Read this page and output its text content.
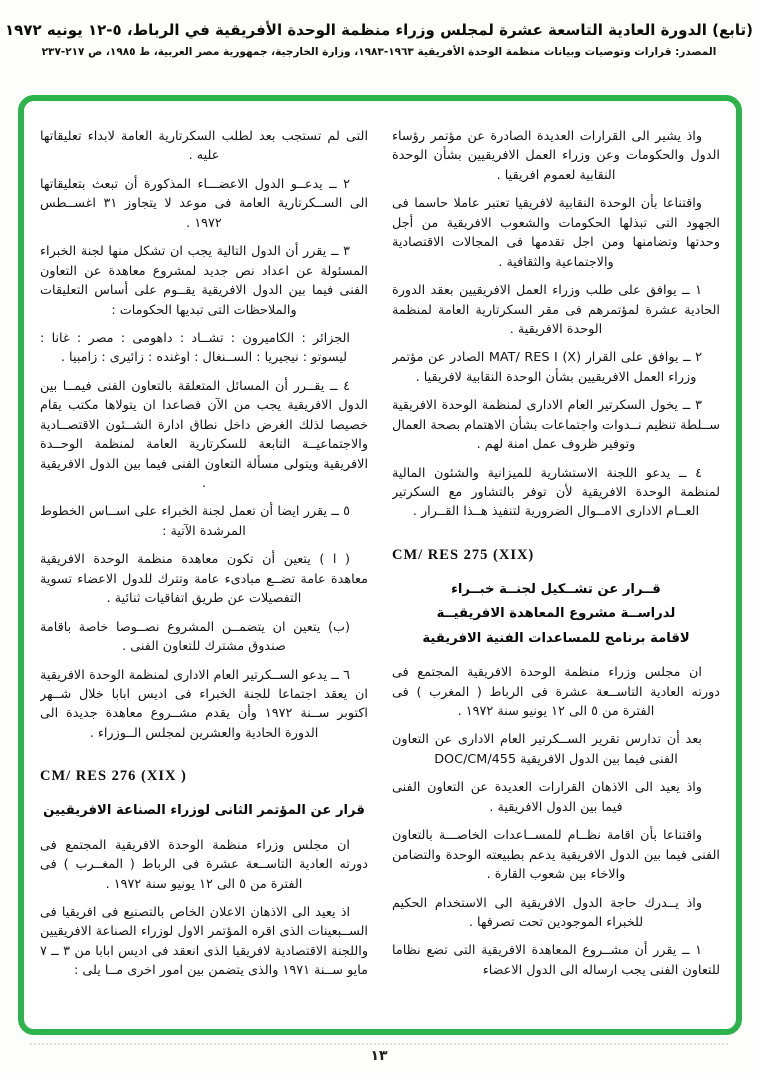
(تابع) الدورة العادية التاسعة عشرة لمجلس وزراء منظمة الوحدة الأفريقية في الرباط، ٥-١٢ يونيه ١٩٧٢
المصدر: قرارات وتوصيات وبيانات منظمة الوحدة الأفريقية ١٩٦٣-١٩٨٣، وزارة الخارجية، جمهورية مصر العربية، ط ١٩٨٥، ص ٢١٧-٢٣٧

واذ يشير الى القرارات العديدة الصادرة عن مؤتمر رؤساء الدول والحكومات وعن وزراء العمل الافريقيين بشأن الوحدة النقابية لعموم افريقيا .

واقتناعا بأن الوحدة النقابية لافريقيا تعتبر عاملا حاسما فى الجهود التى تبذلها الحكومات والشعوب الافريقية من أجل وحدتها وتضامنها ومن اجل تقدمها فى المجالات الاقتصادية والاجتماعية والثقافية .

١ ــ يوافق على طلب وزراء العمل الافريقيين بعقد الدورة الحادية عشرة لمؤتمرهم فى مقر السكرتارية العامة لمنظمة الوحدة الافريقية .

٢ ــ يوافق على القرار MAT/ RES I (X) الصادر عن مؤتمر وزراء العمل الافريقيين بشأن الوحدة النقابية لافريقيا .

٣ ــ يخول السكرتير العام الادارى لمنظمة الوحدة الافريقية ســلطة تنظيم نــدوات واجتماعات بشأن الاهتمام بصحة العمال وتوفير ظروف عمل امنة لهم .

٤ ــ يدعو اللجنة الاستشارية للميزانية والشئون المالية لمنظمة الوحدة الافريقية لأن توفر بالتشاور مع السكرتير العــام الادارى الامــوال الضرورية لتنفيذ هــذا القــرار .

CM/ RES 275 (XIX)
قــرار عن تشــكيل لجنــة خبــراء
لدراســة مشروع المعاهدة الافريقيــة
لاقامة برنامج للمساعدات الفنية الافريقية

ان مجلس وزراء منظمة الوحدة الافريقية المجتمع فى دورته العادية التاســعة عشرة فى الرباط ( المغرب ) فى الفترة من ٥ الى ١٢ يونيو سنة ١٩٧٢ .

بعد أن تدارس تقرير الســكرتير العام الادارى عن التعاون الفنى فيما بين الدول الافريقية DOC/CM/455

واذ يعيد الى الاذهان القرارات العديدة عن التعاون الفنى فيما بين الدول الافريقية .

واقتناعا بأن اقامة نظــام للمســاعدات الخاصـــة بالتعاون الفنى فيما بين الدول الافريقية يدعم بطبيعته الوحدة والتضامن والاخاء بين شعوب القارة .

واذ يــدرك حاجة الدول الافريقية الى الاستخدام الحكيم للخبراء الموجودين تحت تصرفها .

١ ــ يقرر أن مشــروع المعاهدة الافريقية التى تضع نظاما للتعاون الفنى يجب ارساله الى الدول الاعضاء

التى لم تستجب بعد لطلب السكرتارية العامة لابداء تعليقاتها عليه .

٢ ــ يدعــو الدول الاعضـــاء المذكورة أن تبعث بتعليقاتها الى الســكرتارية العامة فى موعد لا يتجاوز ٣١ اغســطس ١٩٧٢ .

٣ ــ يقرر أن الدول التالية يجب ان تشكل منها لجنة الخبراء المسئولة عن اعداد نص جديد لمشروع معاهدة عن التعاون الفنى فيما بين الدول الافريقية يقــوم على أساس التعليقات والملاحظات التى تبديها الحكومات :

الجزائر : الكاميرون : تشــاد : داهومى : مصر : غانا : ليسوتو : نيجيريا : الســنغال : اوغنده : زائيرى : زامبيا .

٤ ــ يقــرر أن المسائل المتعلقة بالتعاون الفنى فيمــا بين الدول الافريقية يجب من الآن فصاعدا ان يتولاها مكتب يقام خصيصا لذلك الغرض داخل نطاق ادارة الشــئون الاقتصــادية والاجتماعيــة التابعة للسكرتارية العامة لمنظمة الوحــدة الافريقية ويتولى مسألة التعاون الفنى فيما بين الدول الافريقية .

٥ ــ يقرر ايضا أن تعمل لجنة الخبراء على اســاس الخطوط المرشدة الآتية :

( ا ) يتعين أن تكون معاهدة منظمة الوحدة الافريقية معاهدة عامة تضــع مبادىء عامة وتترك للدول الاعضاء تسوية التفصيلات عن طريق اتفاقيات ثنائية .

(ب) يتعين ان يتضمــن المشروع نصــوصا خاصة باقامة صندوق مشترك للتعاون الفنى .

٦ ــ يدعو الســكرتير العام الادارى لمنظمة الوحدة الافريقية ان يعقد اجتماعا للجنة الخبراء فى اديس ابابا خلال شــهر اكتوبر ســنة ١٩٧٢ وأن يقدم مشــروع معاهدة جديدة الى الدورة الحادية والعشرين لمجلس الــوزراء .

CM/ RES 276 (XIX )
قرار عن المؤتمر الثانى لوزراء الصناعة الافريقيين

ان مجلس وزراء منظمة الوحدة الافريقية المجتمع فى دورته العادية التاســعة عشرة فى الرباط ( المغــرب ) فى الفترة من ٥ الى ١٢ يونيو سنة ١٩٧٢ .

اذ يعيد الى الاذهان الاعلان الخاص بالتصنيع فى افريقيا فى الســبعينات الذى اقره المؤتمر الاول لوزراء الصناعة الافريقيين واللجنة الاقتصادية لافريقيا الذى انعقد فى اديس ابابا من ٣ ــ ٧ مايو ســنة ١٩٧١ والذى يتضمن بين امور اخرى مــا يلى :

١٣
